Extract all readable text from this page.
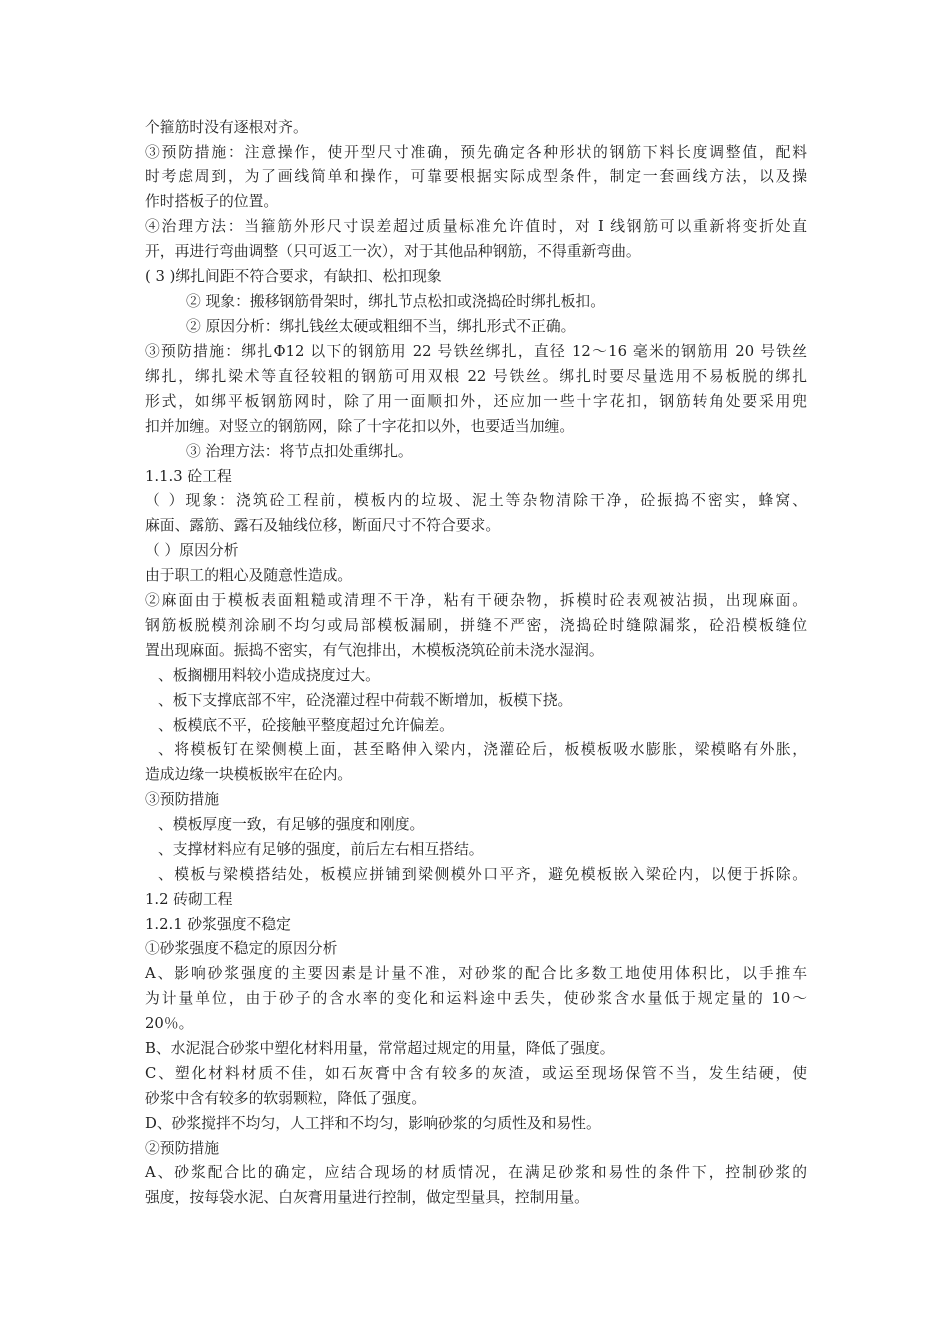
个箍筋时没有逐根对齐。
③预防措施：注意操作，使开型尺寸准确，预先确定各种形状的钢筋下料长度调整值，配料
时考虑周到，为了画线简单和操作，可靠要根据实际成型条件，制定一套画线方法，以及操
作时搭板子的位置。
④治理方法：当箍筋外形尺寸误差超过质量标准允许值时，对 I 线钢筋可以重新将变折处直
开，再进行弯曲调整（只可返工一次），对于其他品种钢筋，不得重新弯曲。
( 3 )绑扎间距不符合要求，有缺扣、松扣现象
② 现象：搬移钢筋骨架时，绑扎节点松扣或浇捣砼时绑扎板扣。
② 原因分析：绑扎钱丝太硬或粗细不当，绑扎形式不正确。
③预防措施：绑扎Φ12 以下的钢筋用 22 号铁丝绑扎，直径 12～16 毫米的钢筋用 20 号铁丝
绑扎，绑扎梁术等直径较粗的钢筋可用双根 22 号铁丝。绑扎时要尽量选用不易板脱的绑扎
形式，如绑平板钢筋网时，除了用一面顺扣外，还应加一些十字花扣，钢筋转角处要采用兜
扣并加缠。对竖立的钢筋网，除了十字花扣以外，也要适当加缠。
③ 治理方法：将节点扣处重绑扎。
1.1.3 砼工程
（ ）现象：浇筑砼工程前，模板内的垃圾、泥土等杂物清除干净，砼振捣不密实，蜂窝、
麻面、露筋、露石及轴线位移，断面尺寸不符合要求。
（ ）原因分析
由于职工的粗心及随意性造成。
②麻面由于模板表面粗糙或清理不干净，粘有干硬杂物，拆模时砼表观被沾损，出现麻面。
钢筋板脱模剂涂刷不均匀或局部模板漏刷，拼缝不严密，浇捣砼时缝隙漏浆，砼沿模板缝位
置出现麻面。振捣不密实，有气泡排出，木模板浇筑砼前未浇水湿润。
、板搁棚用料较小造成挠度过大。
、板下支撑底部不牢，砼浇灌过程中荷载不断增加，板模下挠。
、板模底不平，砼接触平整度超过允许偏差。
、将模板钉在梁侧模上面，甚至略伸入梁内，浇灌砼后，板模板吸水膨胀，梁模略有外胀，
造成边缘一块模板嵌牢在砼内。
③预防措施
、模板厚度一致，有足够的强度和刚度。
、支撑材料应有足够的强度，前后左右相互搭结。
、模板与梁模搭结处，板模应拼铺到梁侧模外口平齐，避免模板嵌入梁砼内，以便于拆除。
1.2 砖砌工程
1.2.1 砂浆强度不稳定
①砂浆强度不稳定的原因分析
A、影响砂浆强度的主要因素是计量不准，对砂浆的配合比多数工地使用体积比，以手推车
为计量单位，由于砂子的含水率的变化和运料途中丢失，使砂浆含水量低于规定量的 10～
20％。
B、水泥混合砂浆中塑化材料用量，常常超过规定的用量，降低了强度。
C、塑化材料材质不佳，如石灰膏中含有较多的灰渣，或运至现场保管不当，发生结硬，使
砂浆中含有较多的软弱颗粒，降低了强度。
D、砂浆搅拌不均匀，人工拌和不均匀，影响砂浆的匀质性及和易性。
②预防措施
A、砂浆配合比的确定，应结合现场的材质情况，在满足砂浆和易性的条件下，控制砂浆的
强度，按每袋水泥、白灰膏用量进行控制，做定型量具，控制用量。
